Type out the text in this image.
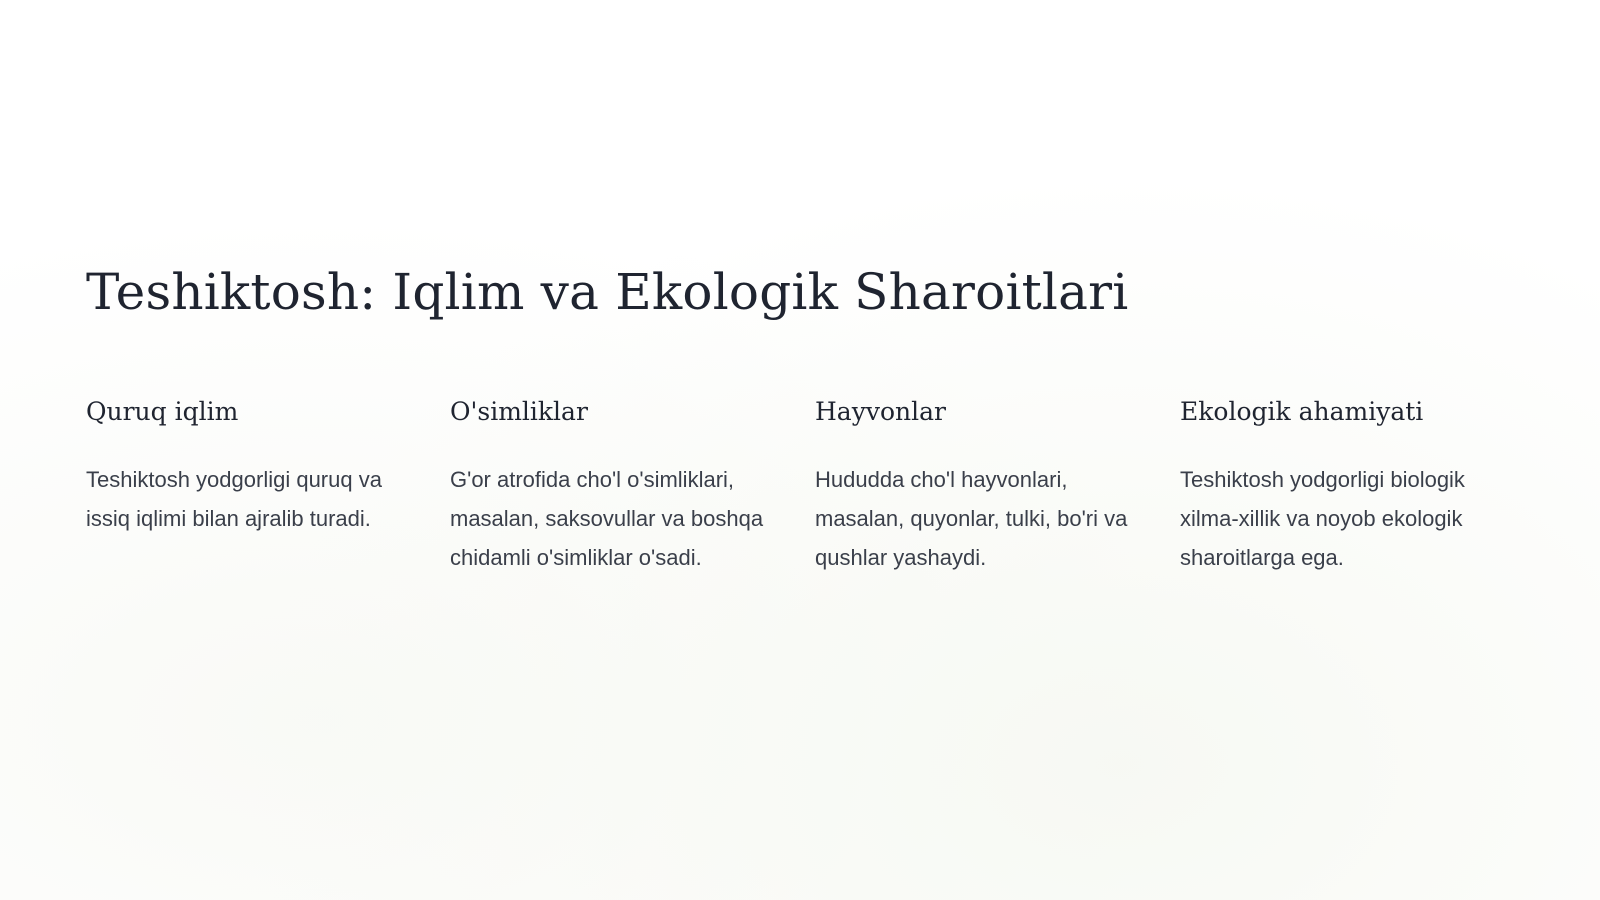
Teshiktosh: Iqlim va Ekologik Sharoitlari
Quruq iqlim

Teshiktosh yodgorligi quruq va issiq iqlimi bilan ajralib turadi.

O'simliklar

G'or atrofida cho'l o'simliklari, masalan, saksovullar va boshqa chidamli o'simliklar o'sadi.

Hayvonlar

Hududda cho'l hayvonlari, masalan, quyonlar, tulki, bo'ri va qushlar yashaydi.

Ekologik ahamiyati

Teshiktosh yodgorligi biologik xilma-xillik va noyob ekologik sharoitlarga ega.
